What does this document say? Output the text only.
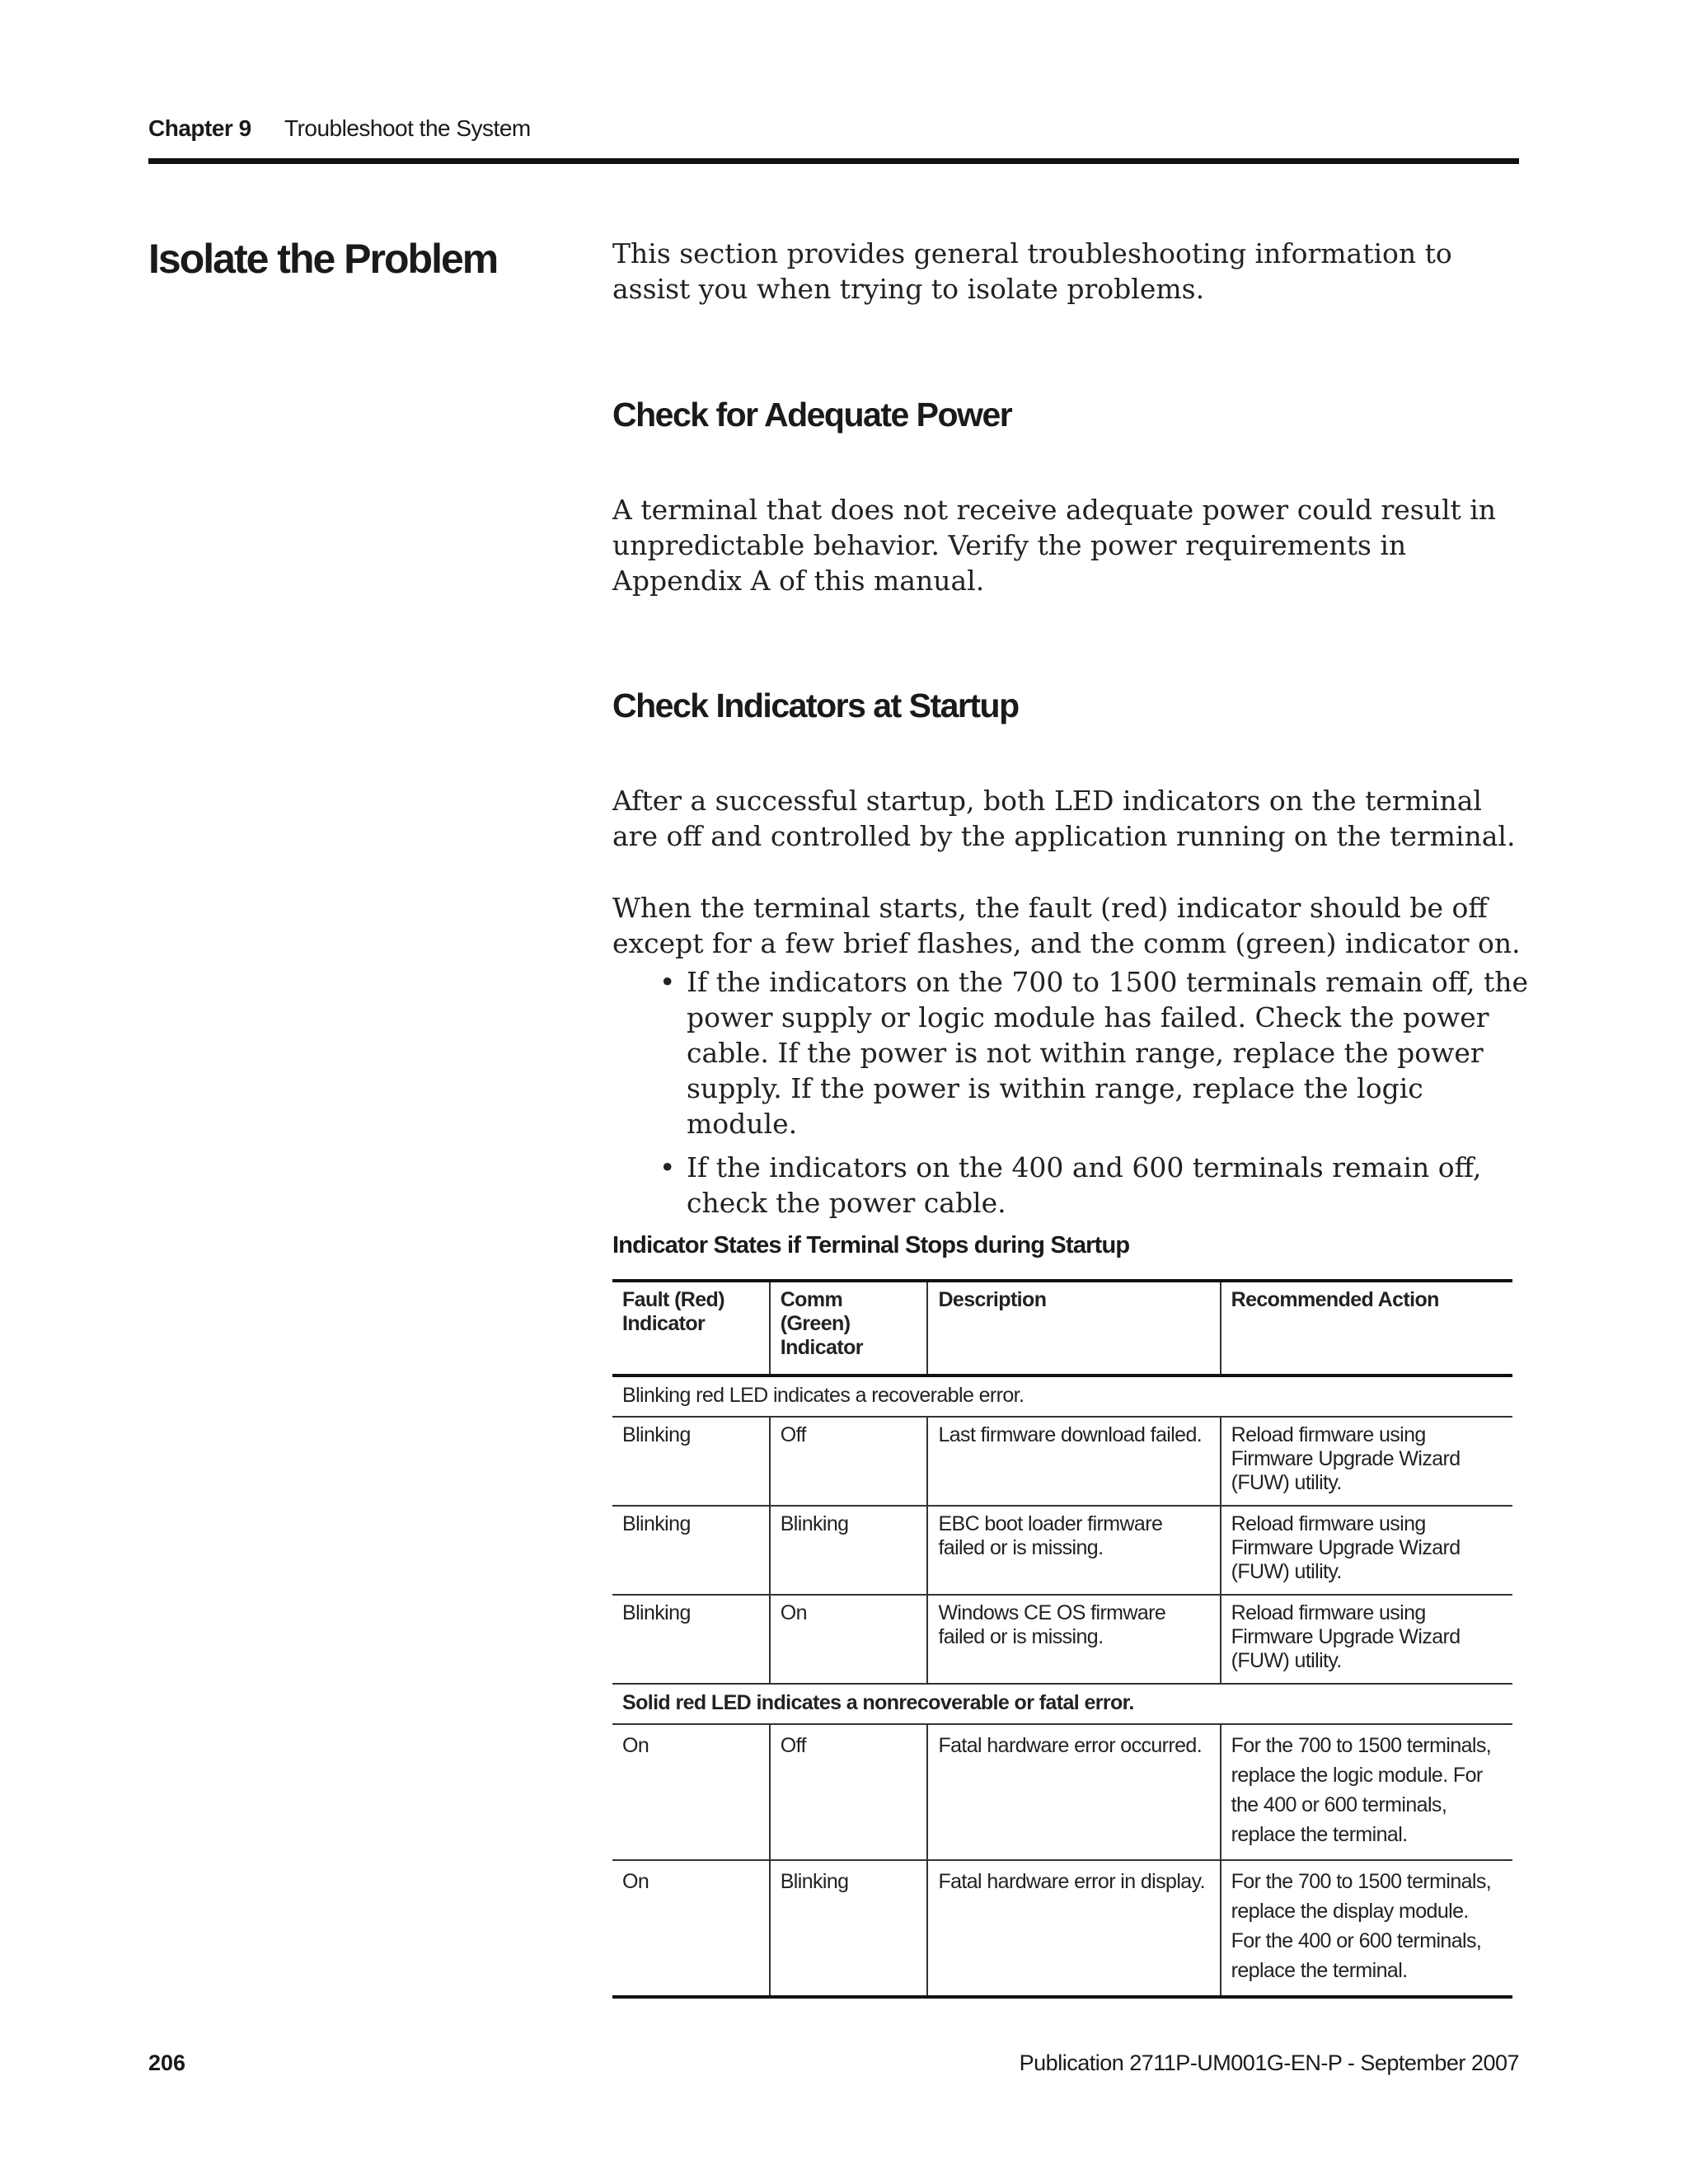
Chapter 9 Troubleshoot the System
Isolate the Problem	This section provides general troubleshooting information to assist you when trying to isolate problems.

Check for Adequate Power

A terminal that does not receive adequate power could result in unpredictable behavior. Verify the power requirements in Appendix A of this manual.

Check Indicators at Startup

After a successful startup, both LED indicators on the terminal are off and controlled by the application running on the terminal.

When the terminal starts, the fault (red) indicator should be off except for a few brief flashes, and the comm (green) indicator on.

• If the indicators on the 700 to 1500 terminals remain off, the power supply or logic module has failed. Check the power cable. If the power is not within range, replace the power supply. If the power is within range, replace the logic module.
• If the indicators on the 400 and 600 terminals remain off, check the power cable.

Indicator States if Terminal Stops during Startup

Fault (Red) Indicator	Comm (Green) Indicator	Description	Recommended Action
Blinking red LED indicates a recoverable error.			
Blinking	Off	Last firmware download failed.	Reload firmware using Firmware Upgrade Wizard (FUW) utility.
Blinking	Blinking	EBC boot loader firmware failed or is missing.	Reload firmware using Firmware Upgrade Wizard (FUW) utility.
Blinking	On	Windows CE OS firmware failed or is missing.	Reload firmware using Firmware Upgrade Wizard (FUW) utility.
Solid red LED indicates a nonrecoverable or fatal error.			
On	Off	Fatal hardware error occurred.	For the 700 to 1500 terminals, replace the logic module. For the 400 or 600 terminals, replace the terminal.
On	Blinking	Fatal hardware error in display.	For the 700 to 1500 terminals, replace the display module. For the 400 or 600 terminals, replace the terminal.

206	Publication 2711P-UM001G-EN-P - September 2007
